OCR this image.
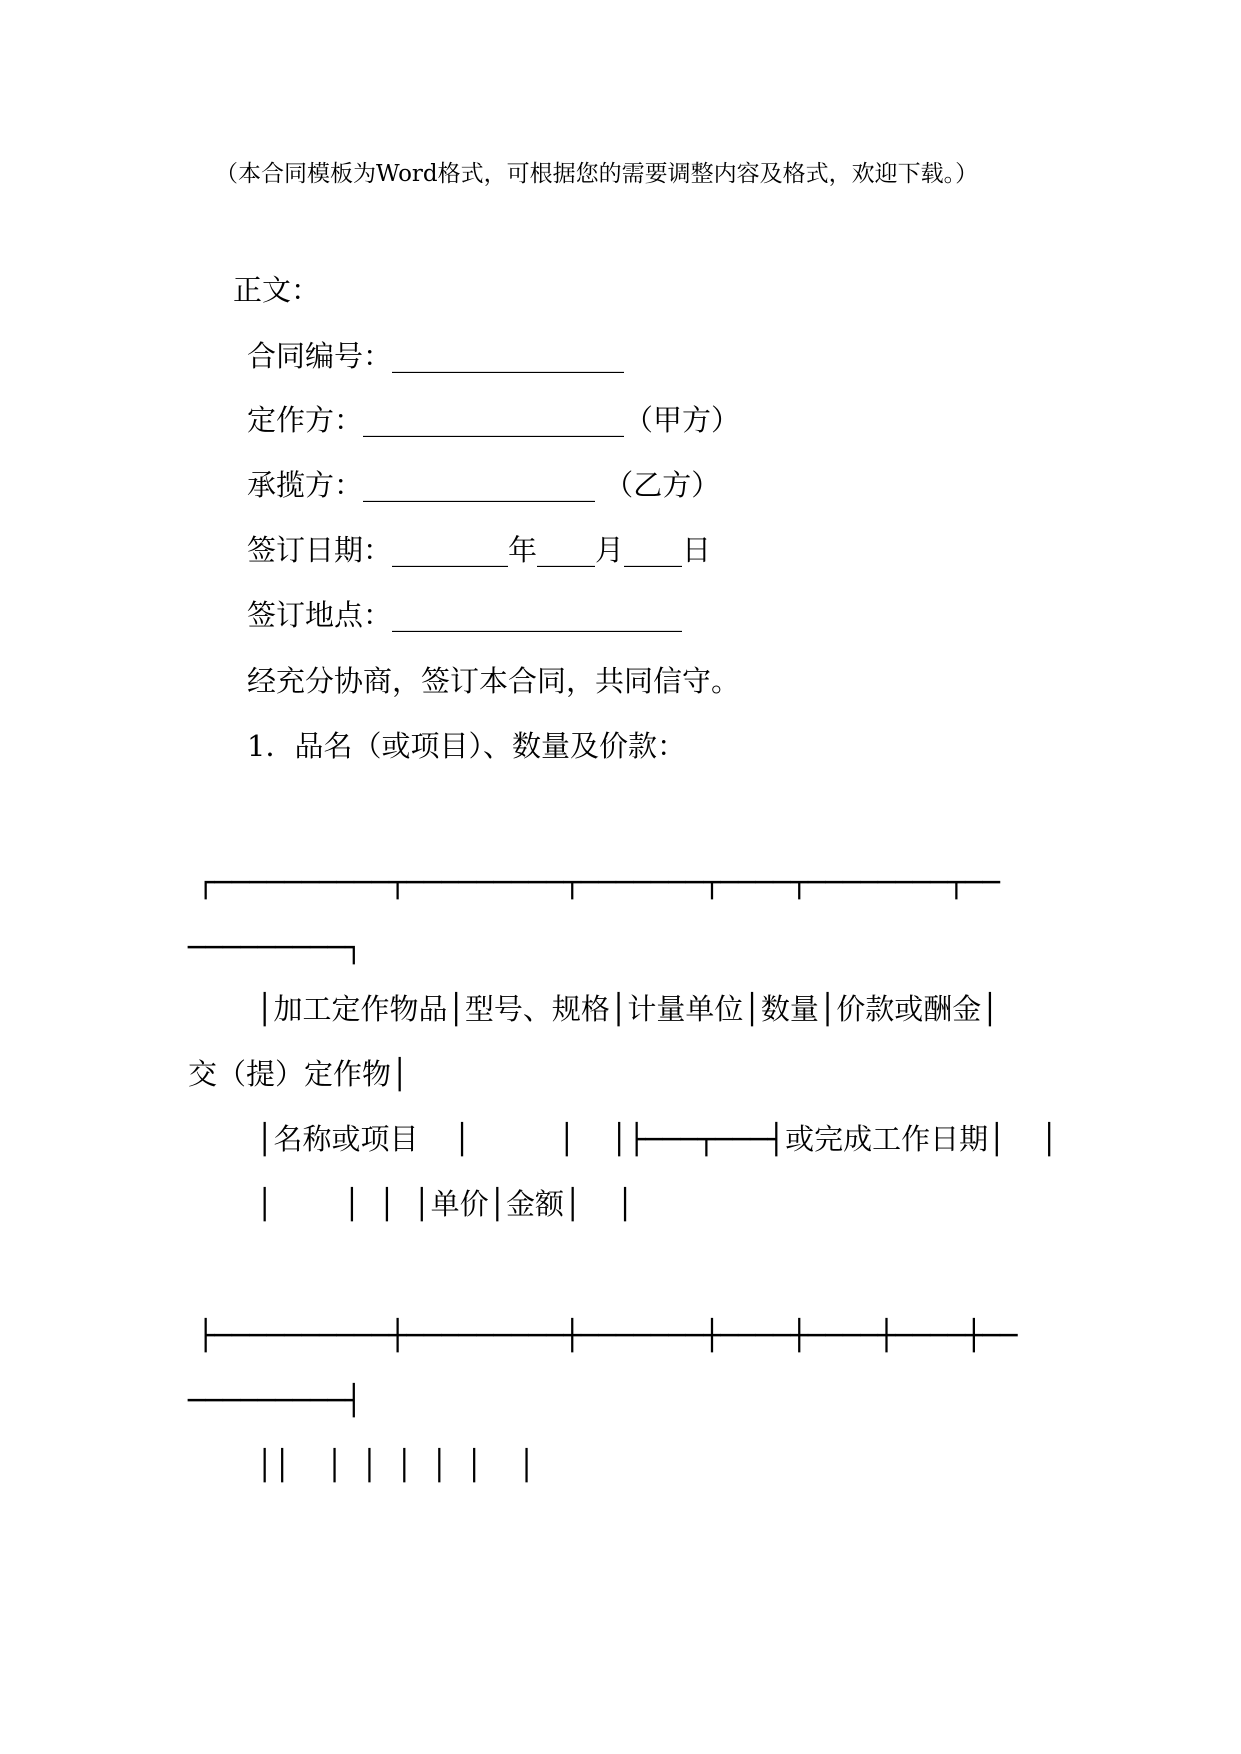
（本合同模板为Word格式，可根据您的需要调整内容及格式，欢迎下载。）
正文：
合同编号：________________
定作方：__________________（甲方）
承揽方：________________ （乙方）
签订日期：________年____月____日
签订地点：____________________
经充分协商，签订本合同，共同信守。
1．品名（或项目）、数量及价款：
┌──────────┬─────────┬───────┬────┬────────┬──
─────────┐
│加工定作物品│型号、规格│计量单位│数量│价款或酬金│
交（提）定作物│
│名称或项目  │     │  │├───┬───┤或完成工作日期│  │
│    │ │ │单价│金额│  │
├──────────┼─────────┼───────┼────┼────┼────┼──
─────────┤
││  │ │ │ │ │  │
